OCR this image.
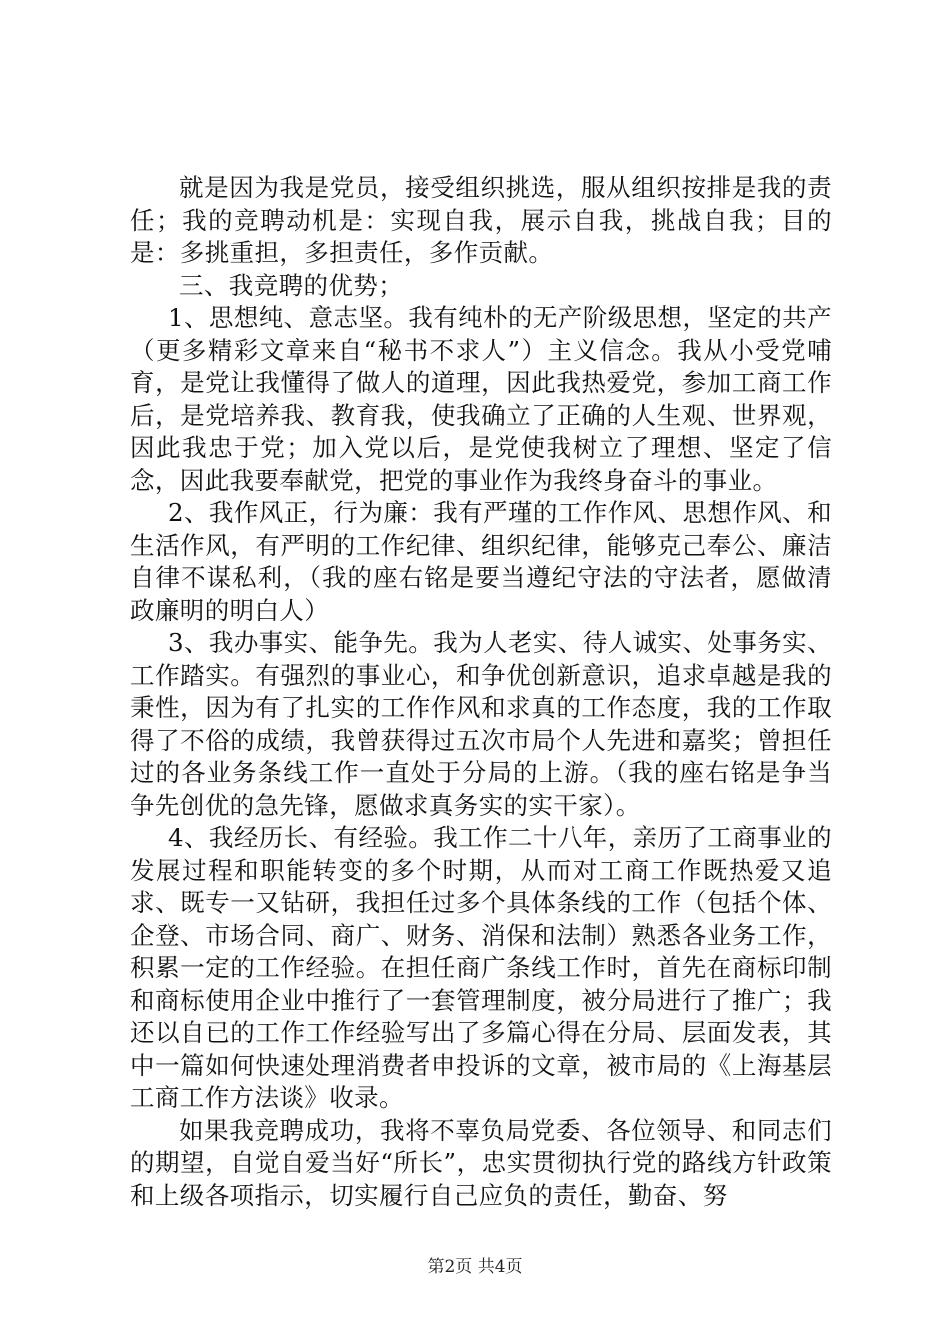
就是因为我是党员，接受组织挑选，服从组织按排是我的责任；我的竞聘动机是：实现自我，展示自我，挑战自我；目的是：多挑重担，多担责任，多作贡献。

三、我竞聘的优势；

1、思想纯、意志坚。我有纯朴的无产阶级思想，坚定的共产（更多精彩文章来自“秘书不求人”）主义信念。我从小受党哺育，是党让我懂得了做人的道理，因此我热爱党，参加工商工作后，是党培养我、教育我，使我确立了正确的人生观、世界观，因此我忠于党；加入党以后，是党使我树立了理想、坚定了信念，因此我要奉献党，把党的事业作为我终身奋斗的事业。

2、我作风正，行为廉：我有严瑾的工作作风、思想作风、和生活作风，有严明的工作纪律、组织纪律，能够克己奉公、廉洁自律不谋私利，（我的座右铭是要当遵纪守法的守法者，愿做清政廉明的明白人）

3、我办事实、能争先。我为人老实、待人诚实、处事务实、工作踏实。有强烈的事业心，和争优创新意识，追求卓越是我的秉性，因为有了扎实的工作作风和求真的工作态度，我的工作取得了不俗的成绩，我曾获得过五次市局个人先进和嘉奖；曾担任过的各业务条线工作一直处于分局的上游。（我的座右铭是争当争先创优的急先锋，愿做求真务实的实干家）。

4、我经历长、有经验。我工作二十八年，亲历了工商事业的发展过程和职能转变的多个时期，从而对工商工作既热爱又追求、既专一又钻研，我担任过多个具体条线的工作（包括个体、企登、市场合同、商广、财务、消保和法制）熟悉各业务工作，积累一定的工作经验。在担任商广条线工作时，首先在商标印制和商标使用企业中推行了一套管理制度，被分局进行了推广；我还以自已的工作工作经验写出了多篇心得在分局、层面发表，其中一篇如何快速处理消费者申投诉的文章，被市局的《上海基层工商工作方法谈》收录。

如果我竞聘成功，我将不辜负局党委、各位领导、和同志们的期望，自觉自爱当好“所长”，忠实贯彻执行党的路线方针政策和上级各项指示，切实履行自己应负的责任，勤奋、努

第2页 共4页
